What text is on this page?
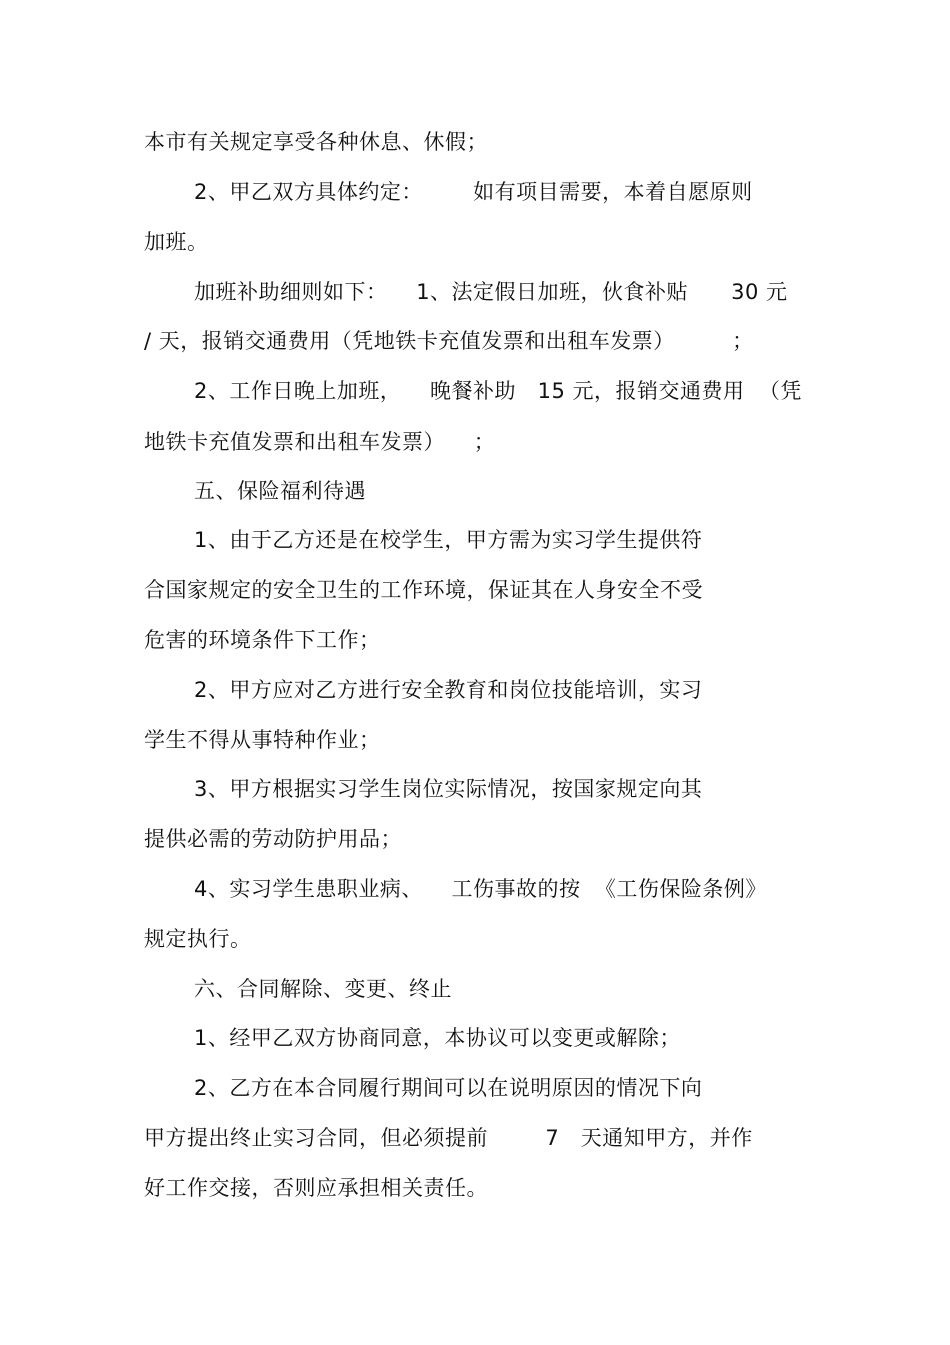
本市有关规定享受各种休息、休假；
2、甲乙双方具体约定：       如有项目需要，本着自愿原则
加班。
加班补助细则如下：    1、法定假日加班，伙食补贴      30 元
/ 天，报销交通费用（凭地铁卡充值发票和出租车发票）        ；
2、工作日晚上加班，    晚餐补助   15 元，报销交通费用  （凭
地铁卡充值发票和出租车发票）    ；
五、保险福利待遇
1、由于乙方还是在校学生，甲方需为实习学生提供符
合国家规定的安全卫生的工作环境，保证其在人身安全不受
危害的环境条件下工作；
2、甲方应对乙方进行安全教育和岗位技能培训，实习
学生不得从事特种作业；
3、甲方根据实习学生岗位实际情况，按国家规定向其
提供必需的劳动防护用品；
4、实习学生患职业病、    工伤事故的按  《工伤保险条例》
规定执行。
六、合同解除、变更、终止
1、经甲乙双方协商同意，本协议可以变更或解除；
2、乙方在本合同履行期间可以在说明原因的情况下向
甲方提出终止实习合同，但必须提前        7   天通知甲方，并作
好工作交接，否则应承担相关责任。
